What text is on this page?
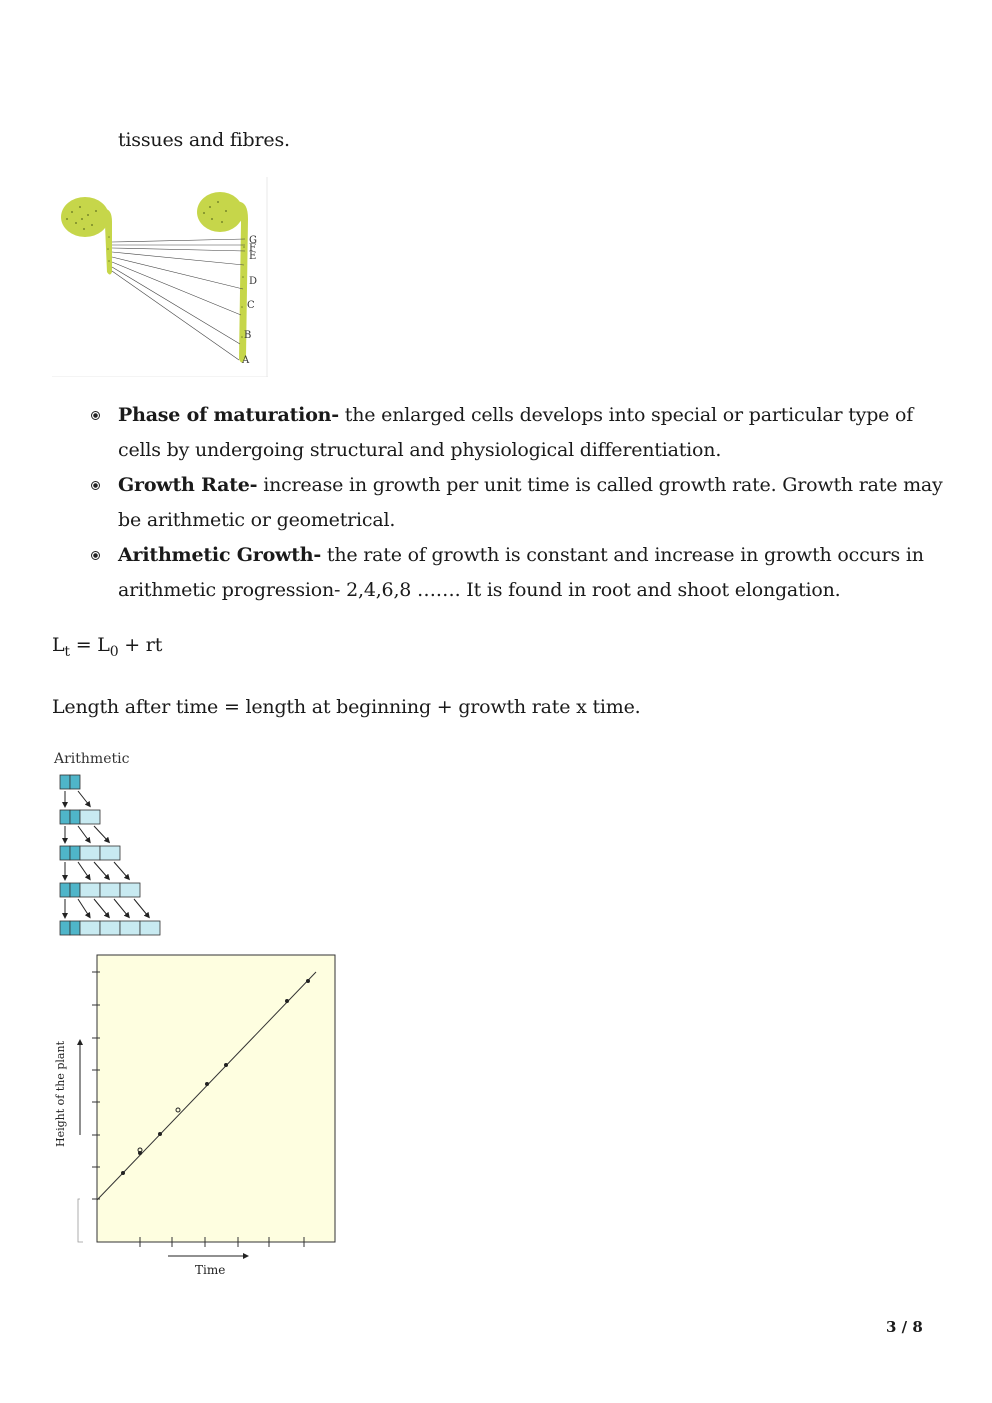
tissues and fibres.
G
F
E
D
C
B
A
Phase of maturation- the enlarged cells develops into special or particular type of
cells by undergoing structural and physiological differentiation.
Growth Rate- increase in growth per unit time is called growth rate. Growth rate may
be arithmetic or geometrical.
Arithmetic Growth- the rate of growth is constant and increase in growth occurs in
arithmetic progression- 2,4,6,8 ……. It is found in root and shoot elongation.
$L_t = L_0$ + rt
Length after time = length at beginning + growth rate x time.
Arithmetic
Height of the plant
Time
3 / 8
